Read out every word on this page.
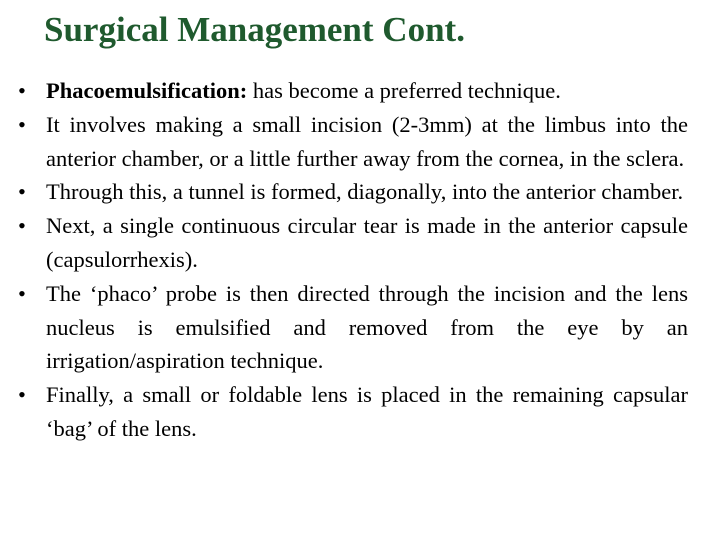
Surgical Management Cont.
• Phacoemulsification: has become a preferred technique.
• It involves making a small incision (2-3mm) at the limbus into the anterior chamber, or a little further away from the cornea, in the sclera.
• Through this, a tunnel is formed, diagonally, into the anterior chamber.
• Next, a single continuous circular tear is made in the anterior capsule (capsulorrhexis).
• The ‘phaco’ probe is then directed through the incision and the lens nucleus is emulsified and removed from the eye by an irrigation/aspiration technique.
• Finally, a small or foldable lens is placed in the remaining capsular ‘bag’ of the lens.
